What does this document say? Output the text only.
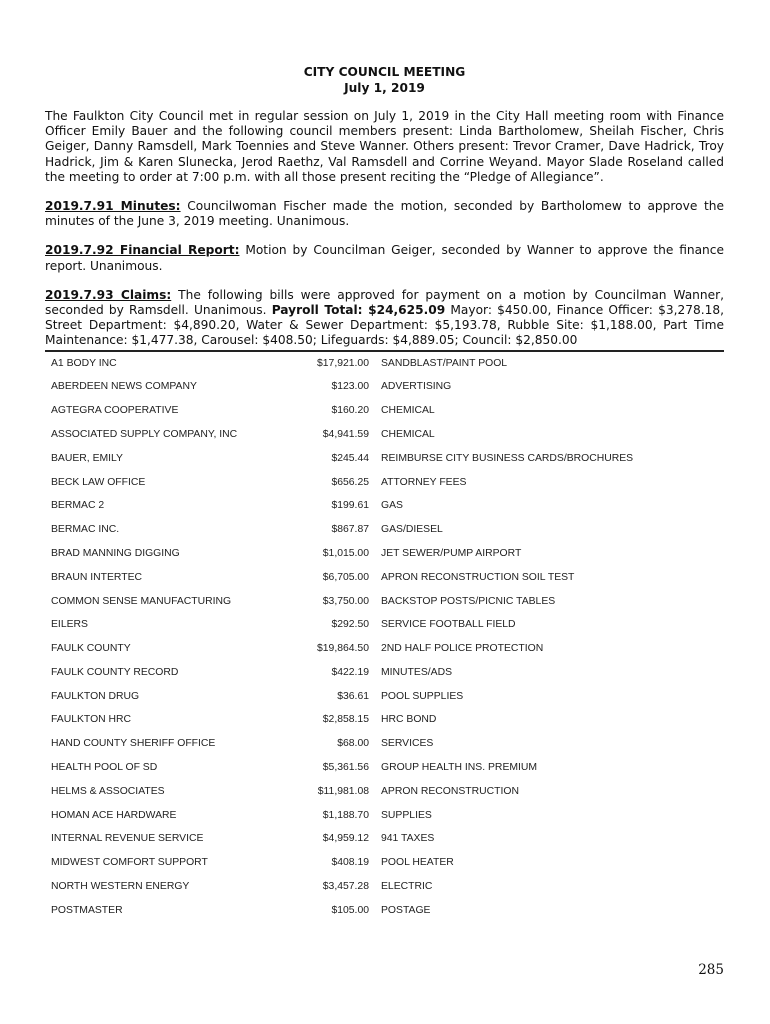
CITY COUNCIL MEETING
July 1, 2019

The Faulkton City Council met in regular session on July 1, 2019 in the City Hall meeting room with Finance Officer Emily Bauer and the following council members present: Linda Bartholomew, Sheilah Fischer, Chris Geiger, Danny Ramsdell, Mark Toennies and Steve Wanner. Others present: Trevor Cramer, Dave Hadrick, Troy Hadrick, Jim & Karen Slunecka, Jerod Raethz, Val Ramsdell and Corrine Weyand. Mayor Slade Roseland called the meeting to order at 7:00 p.m. with all those present reciting the “Pledge of Allegiance”.

2019.7.91 Minutes: Councilwoman Fischer made the motion, seconded by Bartholomew to approve the minutes of the June 3, 2019 meeting. Unanimous.

2019.7.92 Financial Report: Motion by Councilman Geiger, seconded by Wanner to approve the finance report. Unanimous.

2019.7.93 Claims: The following bills were approved for payment on a motion by Councilman Wanner, seconded by Ramsdell. Unanimous. Payroll Total: $24,625.09 Mayor: $450.00, Finance Officer: $3,278.18, Street Department: $4,890.20, Water & Sewer Department: $5,193.78, Rubble Site: $1,188.00, Part Time Maintenance: $1,477.38, Carousel: $408.50; Lifeguards: $4,889.05; Council: $2,850.00

A1 BODY INC	$17,921.00	SANDBLAST/PAINT POOL
ABERDEEN NEWS COMPANY	$123.00	ADVERTISING
AGTEGRA COOPERATIVE	$160.20	CHEMICAL
ASSOCIATED SUPPLY COMPANY, INC	$4,941.59	CHEMICAL
BAUER, EMILY	$245.44	REIMBURSE CITY BUSINESS CARDS/BROCHURES
BECK LAW OFFICE	$656.25	ATTORNEY FEES
BERMAC 2	$199.61	GAS
BERMAC INC.	$867.87	GAS/DIESEL
BRAD MANNING DIGGING	$1,015.00	JET SEWER/PUMP AIRPORT
BRAUN INTERTEC	$6,705.00	APRON RECONSTRUCTION SOIL TEST
COMMON SENSE MANUFACTURING	$3,750.00	BACKSTOP POSTS/PICNIC TABLES
EILERS	$292.50	SERVICE FOOTBALL FIELD
FAULK COUNTY	$19,864.50	2ND HALF POLICE PROTECTION
FAULK COUNTY RECORD	$422.19	MINUTES/ADS
FAULKTON DRUG	$36.61	POOL SUPPLIES
FAULKTON HRC	$2,858.15	HRC BOND
HAND COUNTY SHERIFF OFFICE	$68.00	SERVICES
HEALTH POOL OF SD	$5,361.56	GROUP HEALTH INS. PREMIUM
HELMS & ASSOCIATES	$11,981.08	APRON RECONSTRUCTION
HOMAN ACE HARDWARE	$1,188.70	SUPPLIES
INTERNAL REVENUE SERVICE	$4,959.12	941 TAXES
MIDWEST COMFORT SUPPORT	$408.19	POOL HEATER
NORTH WESTERN ENERGY	$3,457.28	ELECTRIC
POSTMASTER	$105.00	POSTAGE
285
